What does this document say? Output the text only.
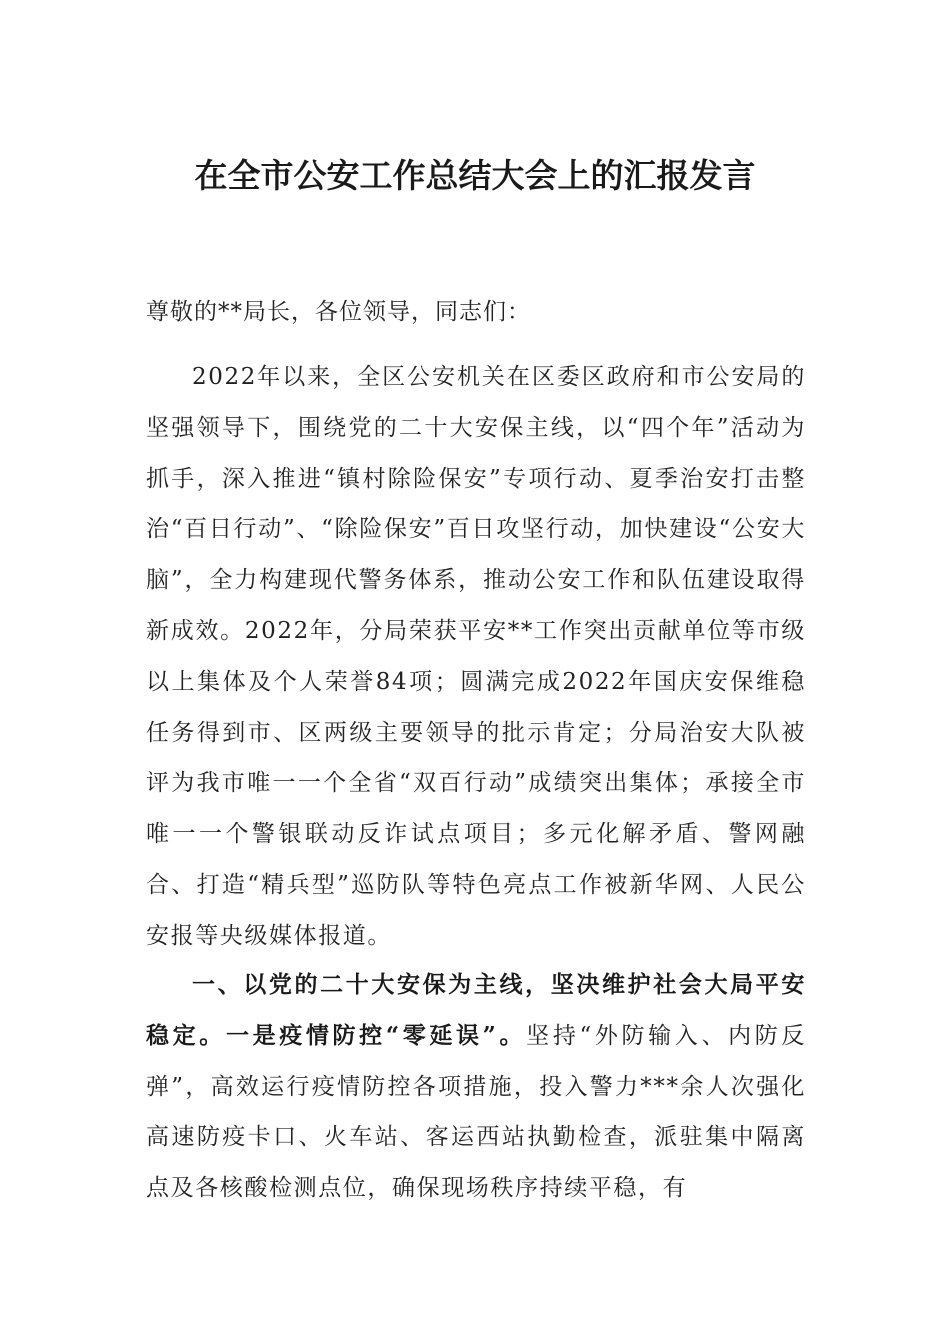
在全市公安工作总结大会上的汇报发言
尊敬的**局长，各位领导，同志们：

2022年以来，全区公安机关在区委区政府和市公安局的坚强领导下，围绕党的二十大安保主线，以“四个年”活动为抓手，深入推进“镇村除险保安”专项行动、夏季治安打击整治“百日行动”、“除险保安”百日攻坚行动，加快建设“公安大脑”，全力构建现代警务体系，推动公安工作和队伍建设取得新成效。2022年，分局荣获平安**工作突出贡献单位等市级以上集体及个人荣誉84项；圆满完成2022年国庆安保维稳任务得到市、区两级主要领导的批示肯定；分局治安大队被评为我市唯一一个全省“双百行动”成绩突出集体；承接全市唯一一个警银联动反诈试点项目；多元化解矛盾、警网融合、打造“精兵型”巡防队等特色亮点工作被新华网、人民公安报等央级媒体报道。

一、以党的二十大安保为主线，坚决维护社会大局平安稳定。一是疫情防控“零延误”。坚持“外防输入、内防反弹”，高效运行疫情防控各项措施，投入警力***余人次强化高速防疫卡口、火车站、客运西站执勤检查，派驻集中隔离点及各核酸检测点位，确保现场秩序持续平稳，有
